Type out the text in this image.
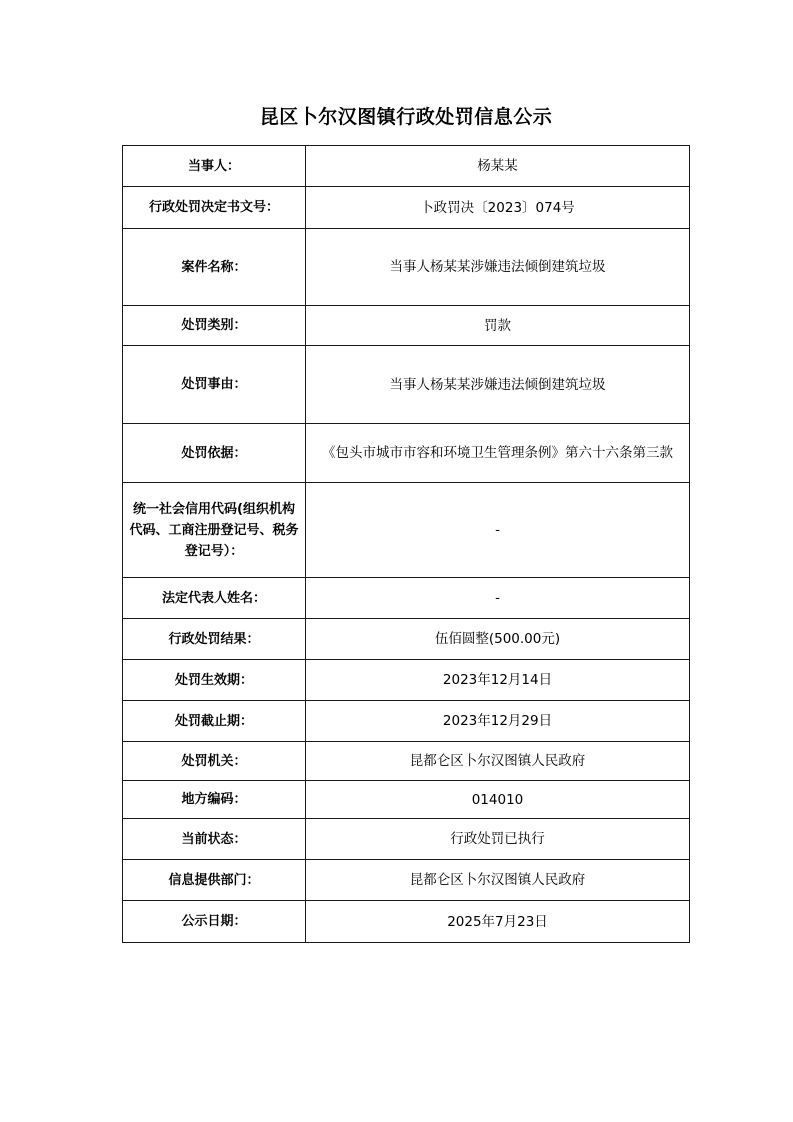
昆区卜尔汉图镇行政处罚信息公示
当事人：	杨某某
行政处罚决定书文号：	卜政罚决〔2023〕074号
案件名称：	当事人杨某某涉嫌违法倾倒建筑垃圾
处罚类别：	罚款
处罚事由：	当事人杨某某涉嫌违法倾倒建筑垃圾
处罚依据：	《包头市城市市容和环境卫生管理条例》第六十六条第三款
统一社会信用代码(组织机构代码、工商注册登记号、税务登记号）：	-
法定代表人姓名：	-
行政处罚结果：	伍佰圆整(500.00元)
处罚生效期：	2023年12月14日
处罚截止期：	2023年12月29日
处罚机关：	昆都仑区卜尔汉图镇人民政府
地方编码：	014010
当前状态：	行政处罚已执行
信息提供部门：	昆都仑区卜尔汉图镇人民政府
公示日期：	2025年7月23日
